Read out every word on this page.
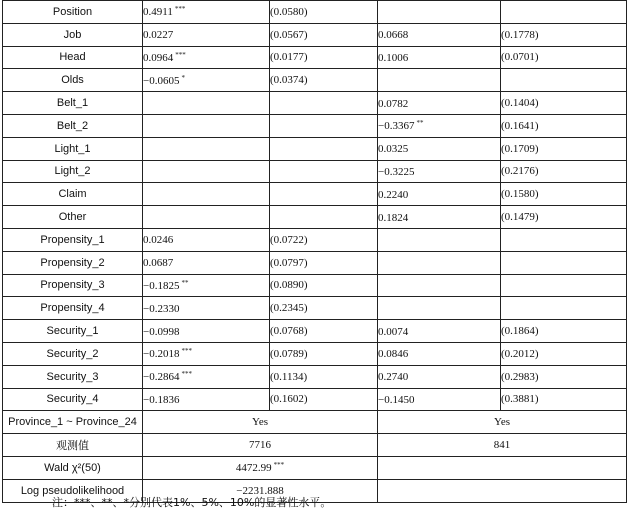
Position	0.4911 ***	(0.0580)		
Job	0.0227	(0.0567)	0.0668	(0.1778)
Head	0.0964 ***	(0.0177)	0.1006	(0.0701)
Olds	−0.0605 *	(0.0374)		
Belt_1			0.0782	(0.1404)
Belt_2			−0.3367 **	(0.1641)
Light_1			0.0325	(0.1709)
Light_2			−0.3225	(0.2176)
Claim			0.2240	(0.1580)
Other			0.1824	(0.1479)
Propensity_1	0.0246	(0.0722)		
Propensity_2	0.0687	(0.0797)		
Propensity_3	−0.1825 **	(0.0890)		
Propensity_4	−0.2330	(0.2345)		
Security_1	−0.0998	(0.0768)	0.0074	(0.1864)
Security_2	−0.2018 ***	(0.0789)	0.0846	(0.2012)
Security_3	−0.2864 ***	(0.1134)	0.2740	(0.2983)
Security_4	−0.1836	(0.1602)	−0.1450	(0.3881)
Province_1 ~ Province_24	Yes		Yes	
观测值	7716		841	
Wald χ²(50)	4472.99 ***	
Log pseudolikelihood	−2231.888			
注：***、**、*分别代表1%、5%、10%的显著性水平。
